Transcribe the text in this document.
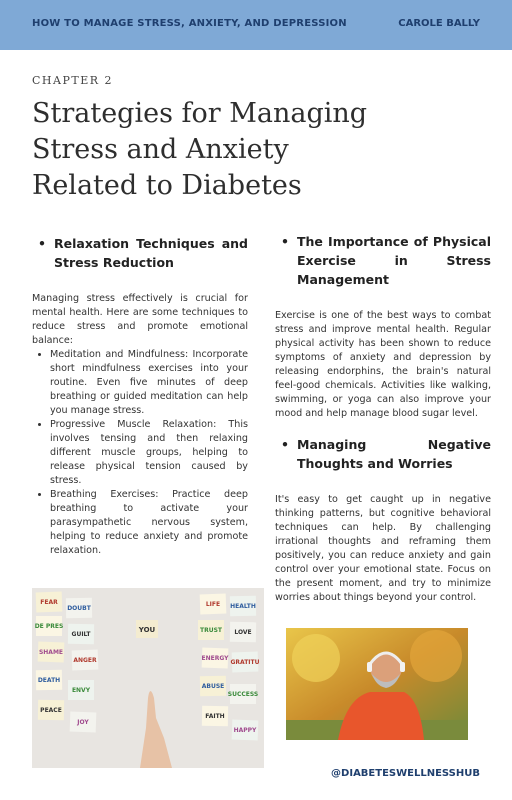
HOW TO MANAGE STRESS, ANXIETY, AND DEPRESSION	CAROLE BALLY
CHAPTER 2
Strategies for Managing
Stress and Anxiety
Related to Diabetes
• Relaxation Techniques and Stress Reduction

Managing stress effectively is crucial for mental health. Here are some techniques to reduce stress and promote emotional balance:

• Meditation and Mindfulness: Incorporate short mindfulness exercises into your routine. Even five minutes of deep breathing or guided meditation can help you manage stress.
• Progressive Muscle Relaxation: This involves tensing and then relaxing different muscle groups, helping to release physical tension caused by stress.
• Breathing Exercises: Practice deep breathing to activate your parasympathetic nervous system, helping to reduce anxiety and promote relaxation.
• The Importance of Physical Exercise in Stress Management

Exercise is one of the best ways to combat stress and improve mental health. Regular physical activity has been shown to reduce symptoms of anxiety and depression by releasing endorphins, the brain's natural feel-good chemicals. Activities like walking, swimming, or yoga can also improve your mood and help manage blood sugar level.

• Managing Negative Thoughts and Worries

It's easy to get caught up in negative thinking patterns, but cognitive behavioral techniques can help. By challenging irrational thoughts and reframing them positively, you can reduce anxiety and gain control over your emotional state. Focus on the present moment, and try to minimize worries about things beyond your control.

FEAR
DOUBT
DE PRES
GUILT
SHAME
ANGER
DEATH
ENVY
PEACE
JOY
LIFE HEALTH
TRUST LOVE
ENERGY
GRATITU
ABUSE
SUCCESS
FAITH
HAPPY
YOU
@DIABETESWELLNESSHUB
